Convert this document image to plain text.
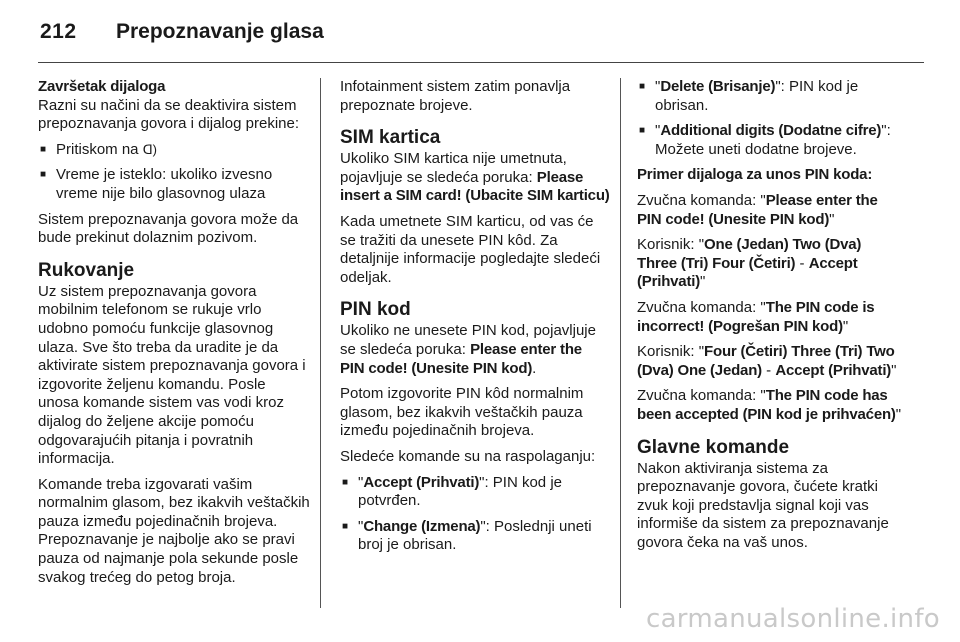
212 Prepoznavanje glasa
Završetak dijaloga

Razni su načini da se deaktivira sistem prepoznavanja govora i dijalog prekine:

■ Pritiskom na ᗡ)
■ Vreme je isteklo: ukoliko izvesno vreme nije bilo glasovnog ulaza

Sistem prepoznavanja govora može da bude prekinut dolaznim pozivom.

Rukovanje

Uz sistem prepoznavanja govora mobilnim telefonom se rukuje vrlo udobno pomoću funkcije glasovnog ulaza. Sve što treba da uradite je da aktivirate sistem prepoznavanja govora i izgovorite željenu komandu. Posle unosa komande sistem vas vodi kroz dijalog do željene akcije pomoću odgovarajućih pitanja i povratnih informacija.

Komande treba izgovarati vašim normalnim glasom, bez ikakvih veštačkih pauza između pojedinačnih brojeva. Prepoznavanje je najbolje ako se pravi pauza od najmanje pola sekunde posle svakog trećeg do petog broja.

Infotainment sistem zatim ponavlja prepoznate brojeve.

SIM kartica

Ukoliko SIM kartica nije umetnuta, pojavljuje se sledeća poruka: Please insert a SIM card! (Ubacite SIM karticu)

Kada umetnete SIM karticu, od vas će se tražiti da unesete PIN kôd. Za detaljnije informacije pogledajte sledeći odeljak.

PIN kod

Ukoliko ne unesete PIN kod, pojavljuje se sledeća poruka: Please enter the PIN code! (Unesite PIN kod).

Potom izgovorite PIN kôd normalnim glasom, bez ikakvih veštačkih pauza između pojedinačnih brojeva.

Sledeće komande su na raspolaganju:

■ "Accept (Prihvati)": PIN kod je potvrđen.
■ "Change (Izmena)": Poslednji uneti broj je obrisan.
■ "Delete (Brisanje)": PIN kod je obrisan.
■ "Additional digits (Dodatne cifre)": Možete uneti dodatne brojeve.

Primer dijaloga za unos PIN koda:

Zvučna komanda: "Please enter the PIN code! (Unesite PIN kod)"

Korisnik: "One (Jedan) Two (Dva) Three (Tri) Four (Četiri) - Accept (Prihvati)"

Zvučna komanda: "The PIN code is incorrect! (Pogrešan PIN kod)"

Korisnik: "Four (Četiri) Three (Tri) Two (Dva) One (Jedan) - Accept (Prihvati)"

Zvučna komanda: "The PIN code has been accepted (PIN kod je prihvaćen)"

Glavne komande

Nakon aktiviranja sistema za prepoznavanje govora, čućete kratki zvuk koji predstavlja signal koji vas informiše da sistem za prepoznavanje govora čeka na vaš unos.

carmanualsonline.info
